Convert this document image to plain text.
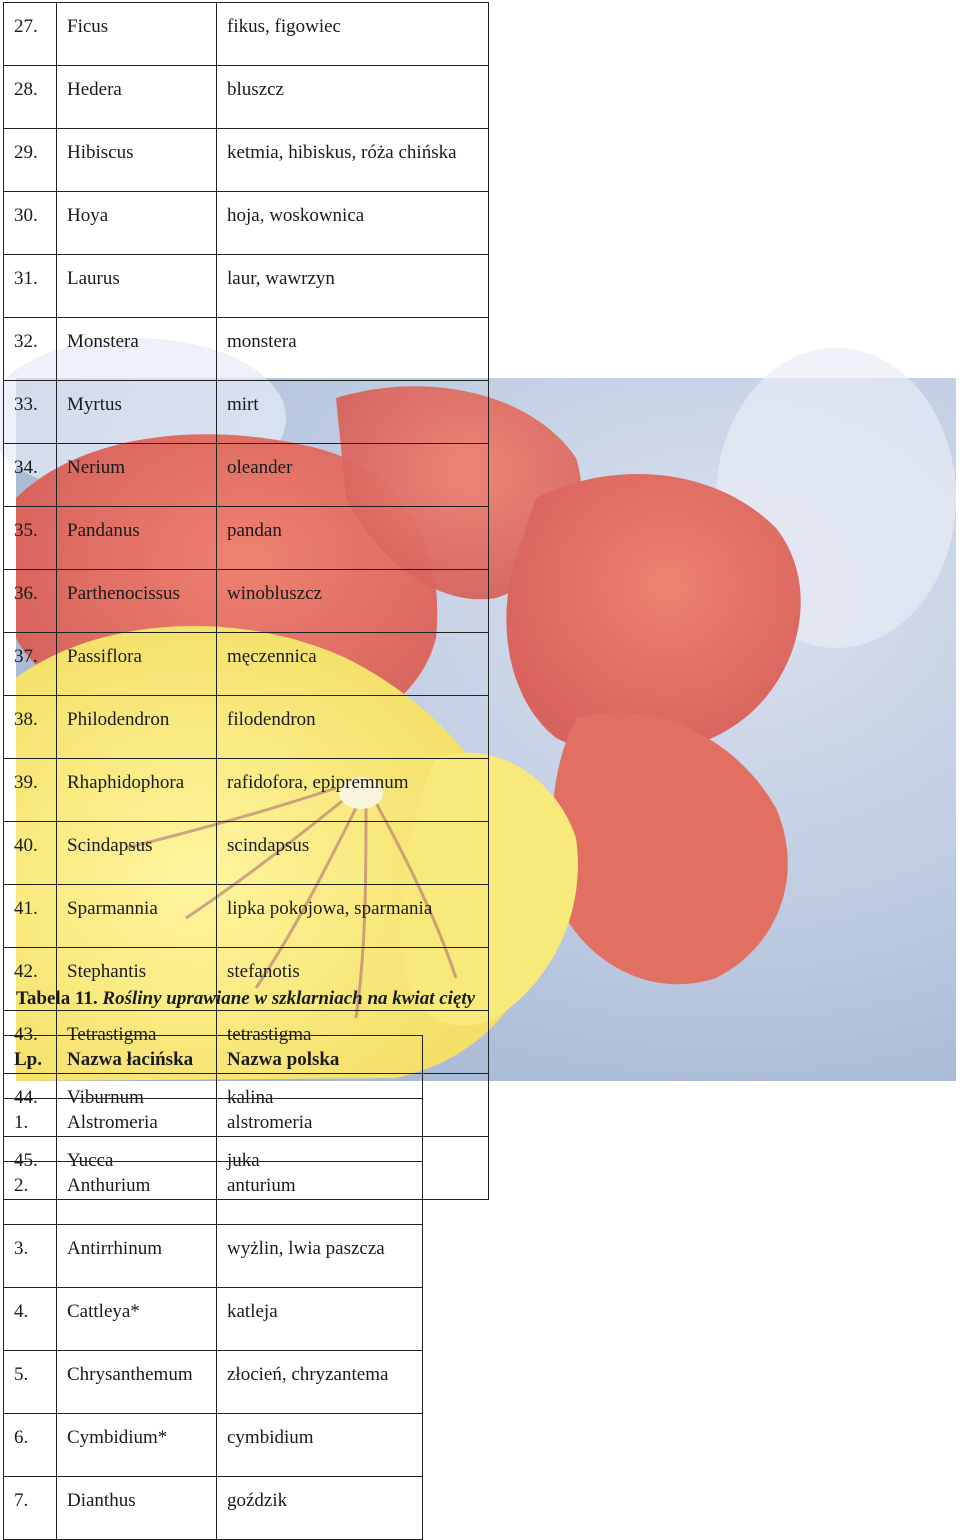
27.	Ficus	fikus, figowiec
28.	Hedera	bluszcz
29.	Hibiscus	ketmia, hibiskus, róża chińska
30.	Hoya	hoja, woskownica
31.	Laurus	laur, wawrzyn
32.	Monstera	monstera
33.	Myrtus	mirt
34.	Nerium	oleander
35.	Pandanus	pandan
36.	Parthenocissus	winobluszcz
37.	Passiflora	męczennica
38.	Philodendron	filodendron
39.	Rhaphidophora	rafidofora, epipremnum
40.	Scindapsus	scindapsus
41.	Sparmannia	lipka pokojowa, sparmania
42.	Stephantis	stefanotis
43.	Tetrastigma	tetrastigma
44.	Viburnum	kalina
45.	Yucca	juka
Tabela 11. Rośliny uprawiane w szklarniach na kwiat cięty
Lp.	Nazwa łacińska	Nazwa polska
1.	Alstromeria	alstromeria
2.	Anthurium	anturium
3.	Antirrhinum	wyżlin, lwia paszcza
4.	Cattleya*	katleja
5.	Chrysanthemum	złocień, chryzantema
6.	Cymbidium*	cymbidium
7.	Dianthus	goździk
